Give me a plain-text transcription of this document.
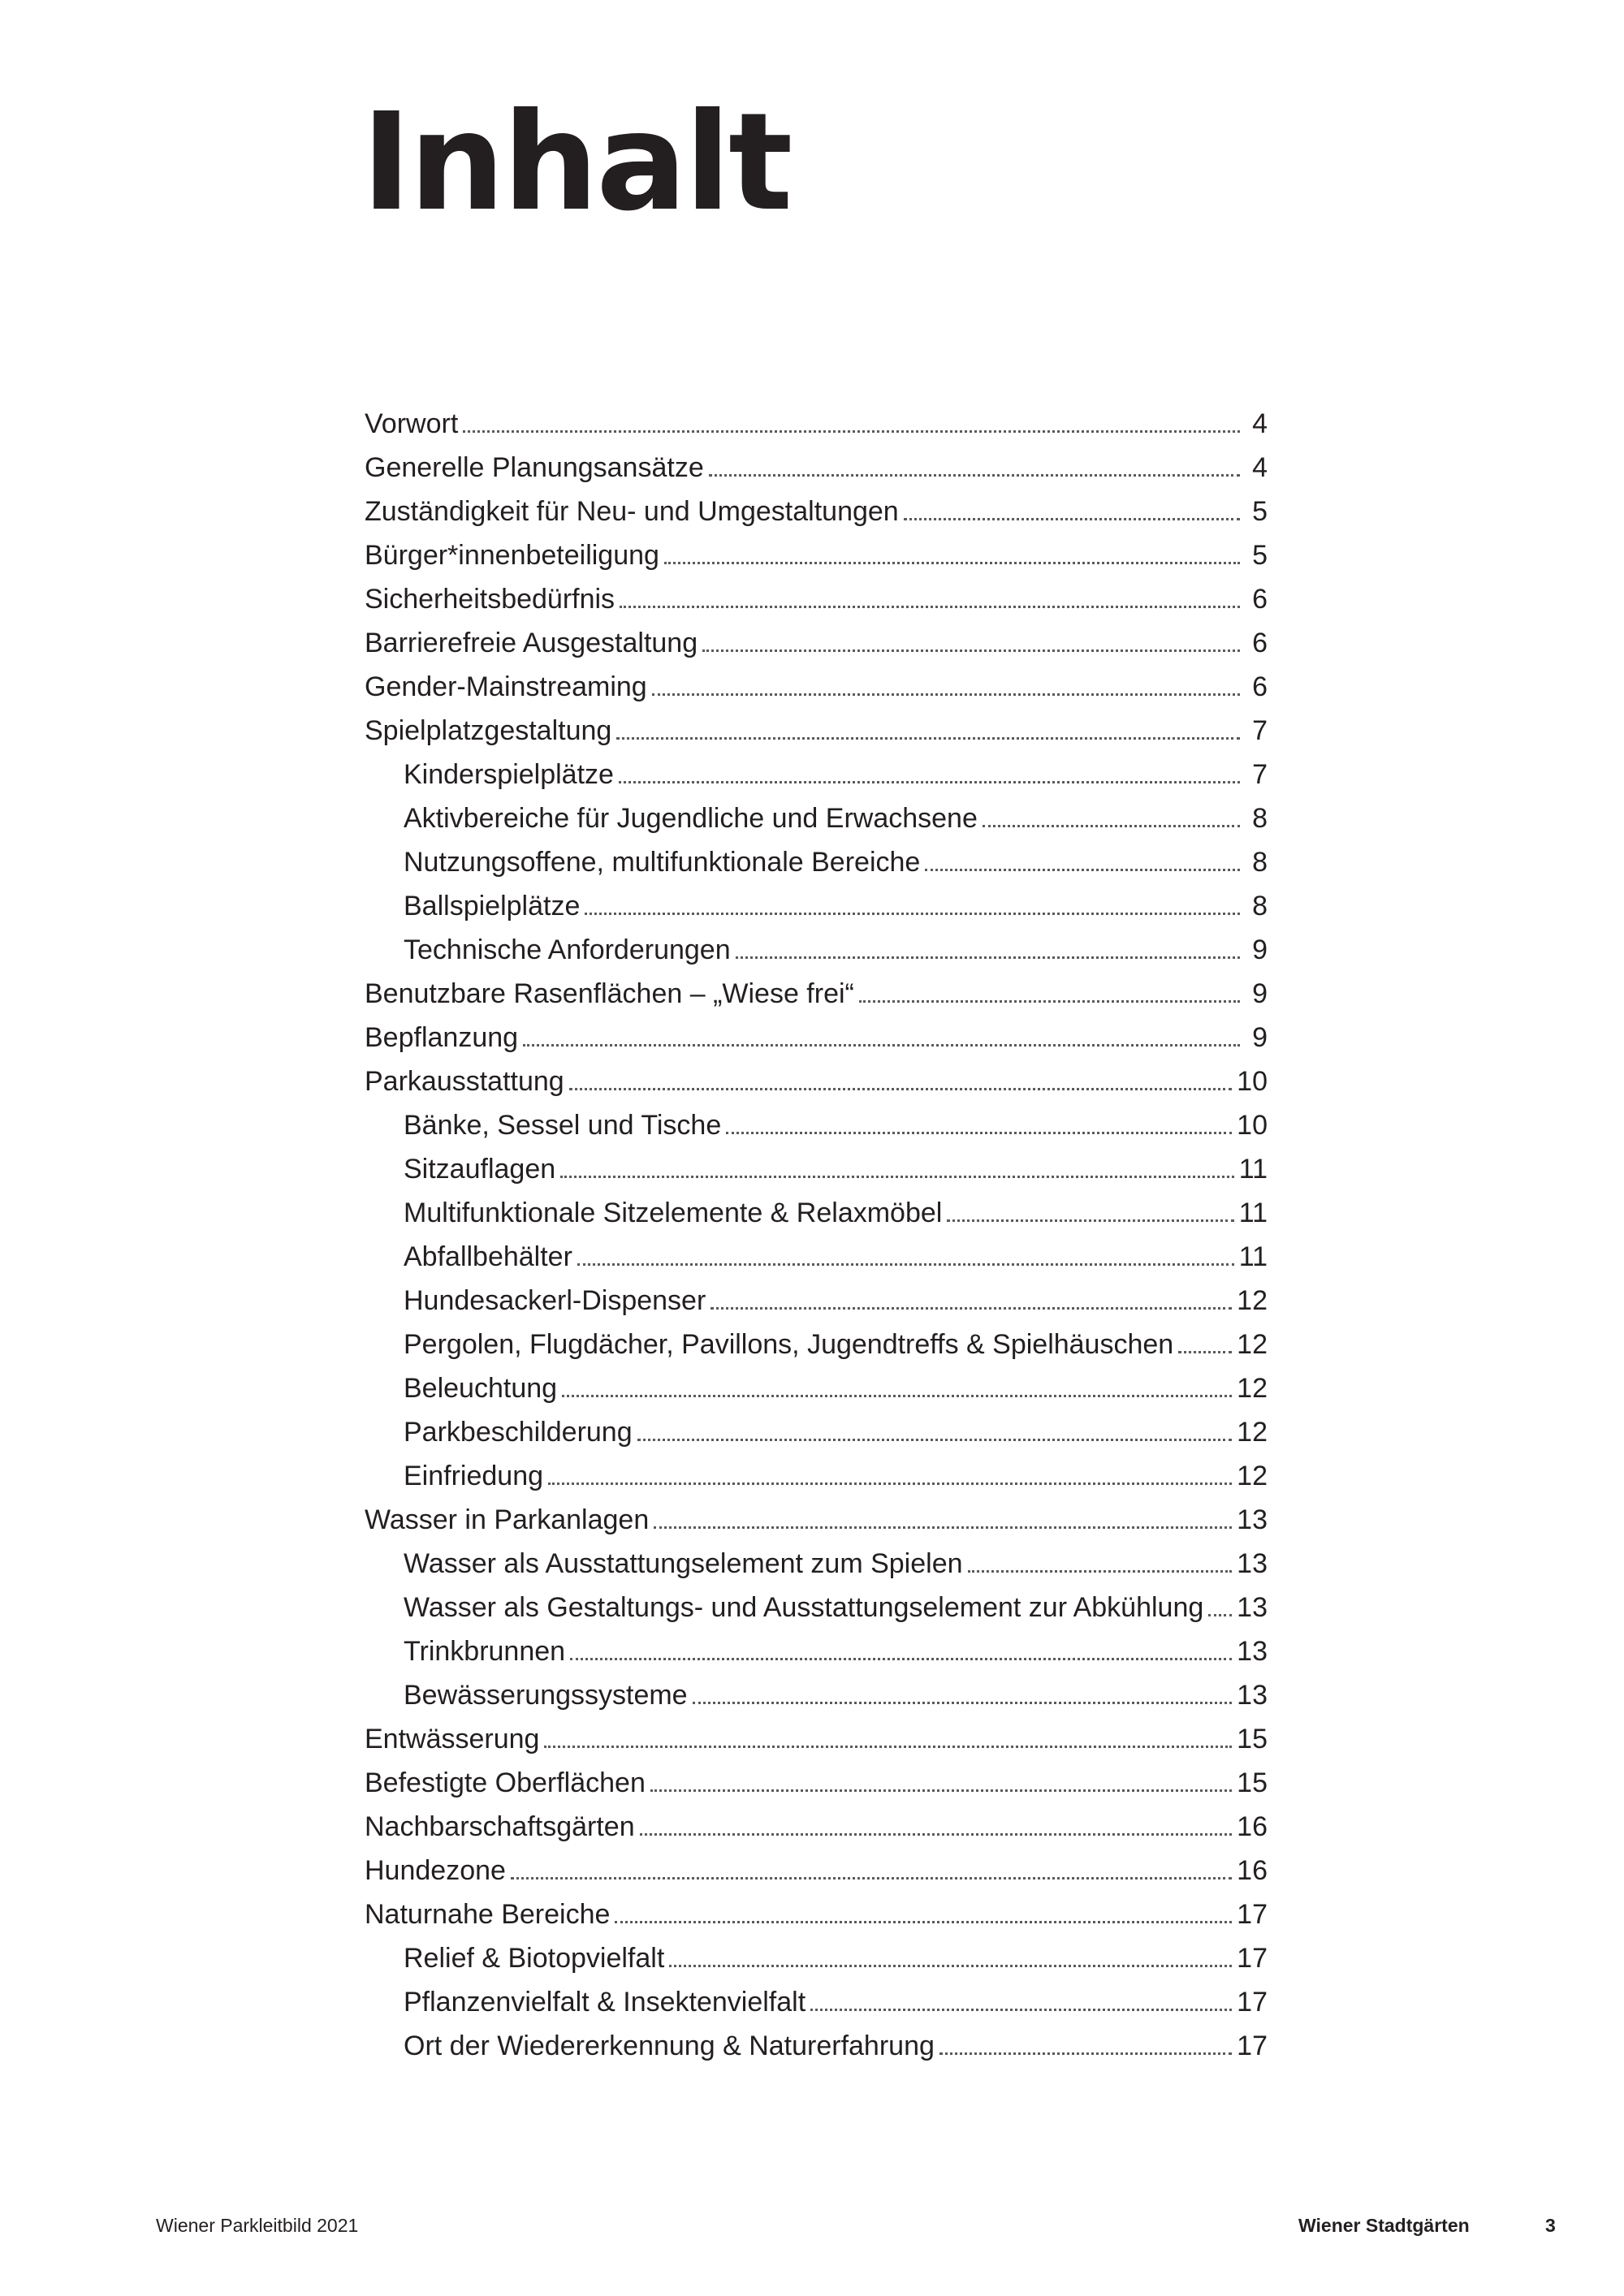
Inhalt
Vorwort	4
Generelle Planungsansätze	4
Zuständigkeit für Neu- und Umgestaltungen	5
Bürger*innenbeteiligung	5
Sicherheitsbedürfnis	6
Barrierefreie Ausgestaltung	6
Gender-Mainstreaming	6
Spielplatzgestaltung	7
Kinderspielplätze	7
Aktivbereiche für Jugendliche und Erwachsene	8
Nutzungsoffene, multifunktionale Bereiche	8
Ballspielplätze	8
Technische Anforderungen	9
Benutzbare Rasenflächen – „Wiese frei“	9
Bepflanzung	9
Parkausstattung	10
Bänke, Sessel und Tische	10
Sitzauflagen	11
Multifunktionale Sitzelemente & Relaxmöbel	11
Abfallbehälter	11
Hundesackerl-Dispenser	12
Pergolen, Flugdächer, Pavillons, Jugendtreffs & Spielhäuschen 12
Beleuchtung	12
Parkbeschilderung	12
Einfriedung	12
Wasser in Parkanlagen	13
Wasser als Ausstattungselement zum Spielen	13
Wasser als Gestaltungs- und Ausstattungselement zur Abkühlung 13
Trinkbrunnen	13
Bewässerungssysteme	13
Entwässerung	15
Befestigte Oberflächen	15
Nachbarschaftsgärten	16
Hundezone	16
Naturnahe Bereiche	17
Relief & Biotopvielfalt	17
Pflanzenvielfalt & Insektenvielfalt	17
Ort der Wiedererkennung & Naturerfahrung	17
Wiener Parkleitbild 2021	Wiener Stadtgärten	3
